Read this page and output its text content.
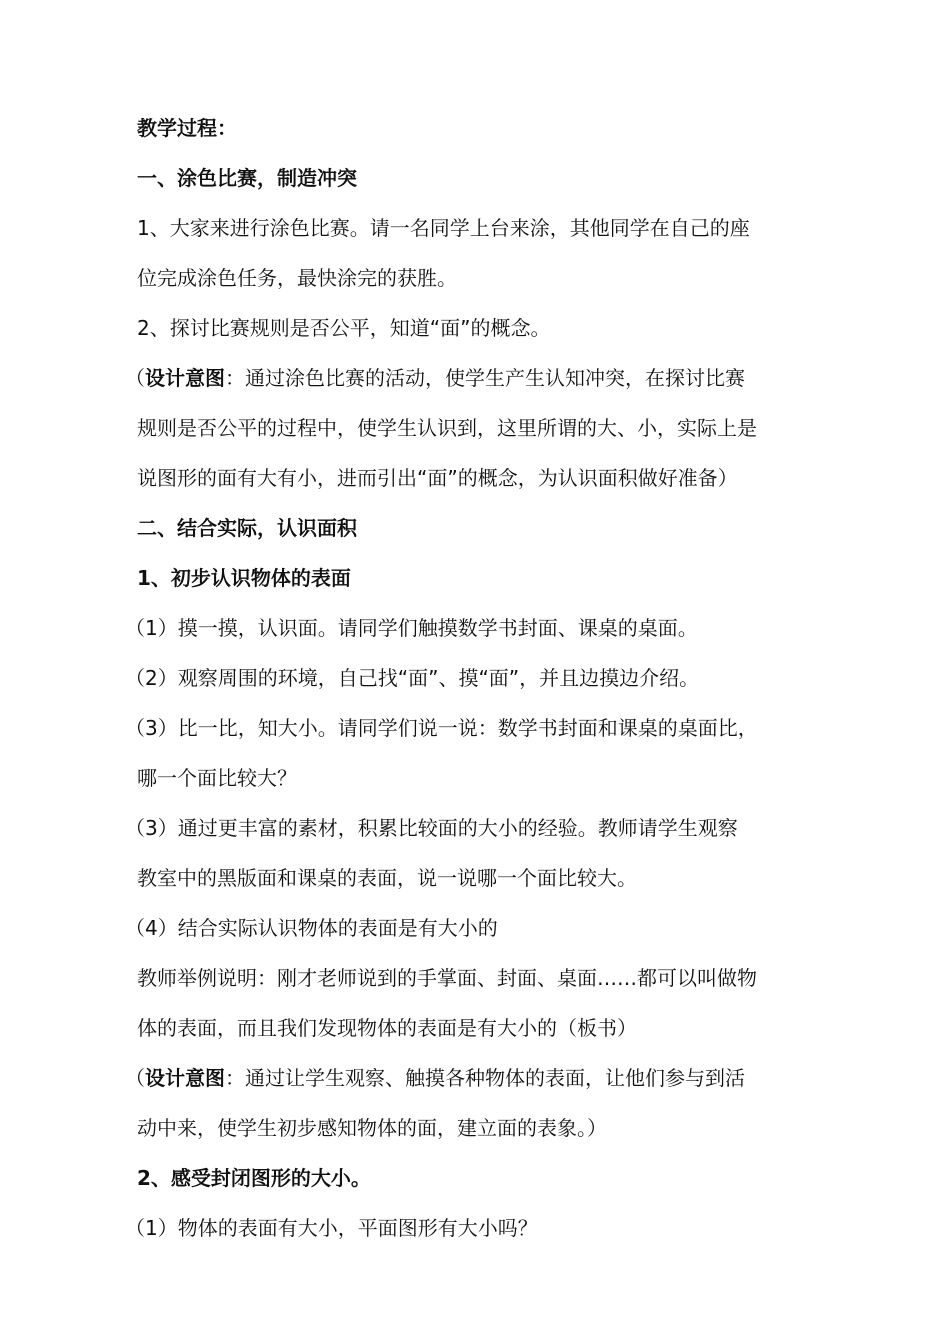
教学过程：

一、涂色比赛，制造冲突

1、大家来进行涂色比赛。请一名同学上台来涂，其他同学在自己的座

位完成涂色任务，最快涂完的获胜。

2、探讨比赛规则是否公平，知道“面”的概念。

（设计意图：通过涂色比赛的活动，使学生产生认知冲突，在探讨比赛

规则是否公平的过程中，使学生认识到，这里所谓的大、小，实际上是

说图形的面有大有小，进而引出“面”的概念，为认识面积做好准备）

二、结合实际，认识面积

1、初步认识物体的表面

（1）摸一摸，认识面。请同学们触摸数学书封面、课桌的桌面。

（2）观察周围的环境，自己找“面”、摸“面”，并且边摸边介绍。

（3）比一比，知大小。请同学们说一说：数学书封面和课桌的桌面比，

哪一个面比较大？

（3）通过更丰富的素材，积累比较面的大小的经验。教师请学生观察

教室中的黑版面和课桌的表面，说一说哪一个面比较大。

（4）结合实际认识物体的表面是有大小的

教师举例说明：刚才老师说到的手掌面、封面、桌面……都可以叫做物

体的表面，而且我们发现物体的表面是有大小的（板书）

（设计意图：通过让学生观察、触摸各种物体的表面，让他们参与到活

动中来，使学生初步感知物体的面，建立面的表象。）

2、感受封闭图形的大小。

（1）物体的表面有大小，平面图形有大小吗？
